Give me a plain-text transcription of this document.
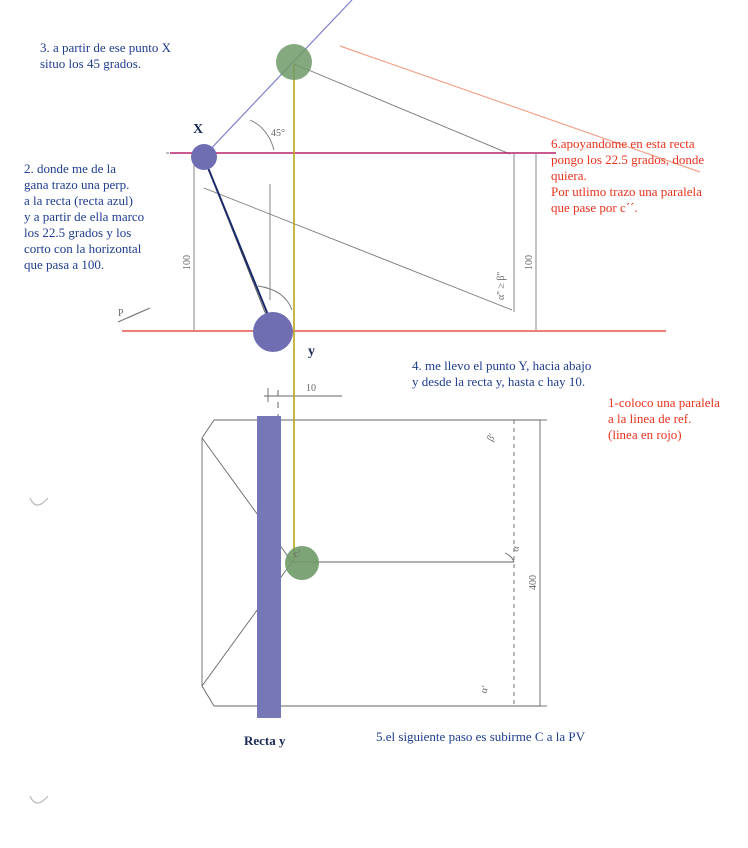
100	100
10
400
45°
α'' ≥ β''
β'
α'
c'
α
P
X
y
Recta y
3. a partir de ese punto X
situo los 45 grados.
2. donde me de la
gana trazo una perp.
a la recta (recta azul)
y a partir de ella marco
los 22.5 grados y los
corto con la horizontal
que pasa a 100.
6.apoyandome en esta recta
pongo los 22.5 grados, donde
quiera.
Por utlimo trazo una paralela
que pase por c´´.
4. me llevo el punto Y, hacia abajo
y desde la recta y, hasta c hay 10.
1-coloco una paralela
a la linea de ref.
(linea en rojo)
5.el siguiente paso es subirme C a la PV
